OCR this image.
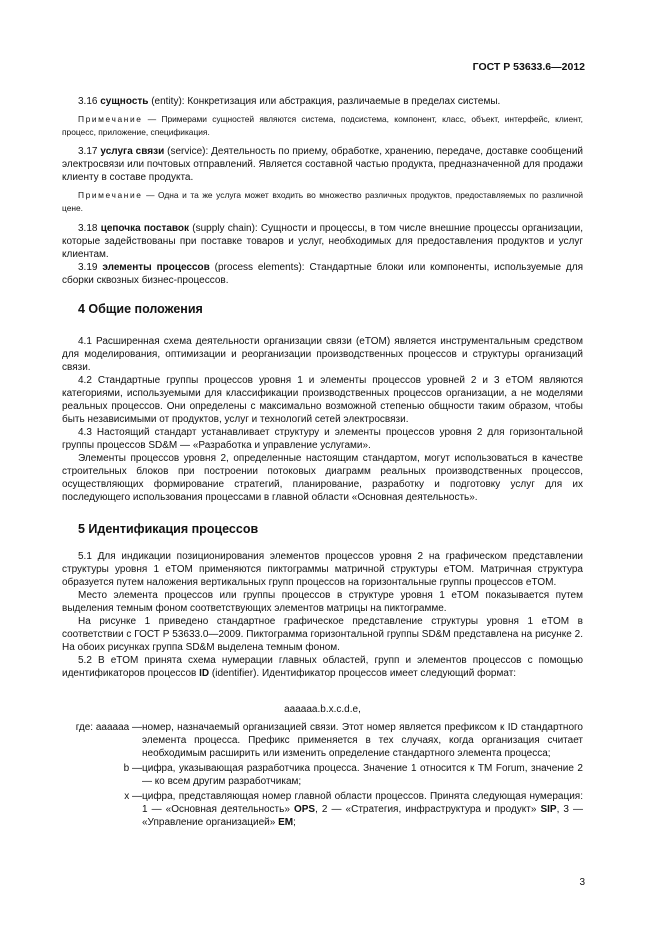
ГОСТ Р 53633.6—2012

3.16 сущность (entity): Конкретизация или абстракция, различаемые в пределах системы.

Примечание — Примерами сущностей являются система, подсистема, компонент, класс, объект, интерфейс, клиент, процесс, приложение, спецификация.

3.17 услуга связи (service): Деятельность по приему, обработке, хранению, передаче, доставке сообщений электросвязи или почтовых отправлений. Является составной частью продукта, предназначенной для продажи клиенту в составе продукта.

Примечание — Одна и та же услуга может входить во множество различных продуктов, предоставляемых по различной цене.

3.18 цепочка поставок (supply chain): Сущности и процессы, в том числе внешние процессы организации, которые задействованы при поставке товаров и услуг, необходимых для предоставления продуктов и услуг клиентам.

3.19 элементы процессов (process elements): Стандартные блоки или компоненты, используемые для сборки сквозных бизнес-процессов.

4 Общие положения

4.1 Расширенная схема деятельности организации связи (eTOM) является инструментальным средством для моделирования, оптимизации и реорганизации производственных процессов и структуры организаций связи.

4.2 Стандартные группы процессов уровня 1 и элементы процессов уровней 2 и 3 eTOM являются категориями, используемыми для классификации производственных процессов организации, а не моделями реальных процессов. Они определены с максимально возможной степенью общности таким образом, чтобы быть независимыми от продуктов, услуг и технологий сетей электросвязи.

4.3 Настоящий стандарт устанавливает структуру и элементы процессов уровня 2 для горизонтальной группы процессов SD&M — «Разработка и управление услугами».

Элементы процессов уровня 2, определенные настоящим стандартом, могут использоваться в качестве строительных блоков при построении потоковых диаграмм реальных производственных процессов, осуществляющих формирование стратегий, планирование, разработку и подготовку услуг для их последующего использования процессами в главной области «Основная деятельность».

5 Идентификация процессов

5.1 Для индикации позиционирования элементов процессов уровня 2 на графическом представлении структуры уровня 1 eTOM применяются пиктограммы матричной структуры eTOM. Матричная структура образуется путем наложения вертикальных групп процессов на горизонтальные группы процессов eTOM.

Место элемента процессов или группы процессов в структуре уровня 1 eTOM показывается путем выделения темным фоном соответствующих элементов матрицы на пиктограмме.

На рисунке 1 приведено стандартное графическое представление структуры уровня 1 eTOM в соответствии с ГОСТ Р 53633.0—2009. Пиктограмма горизонтальной группы SD&M представлена на рисунке 2. На обоих рисунках группа SD&M выделена темным фоном.

5.2 В eTOM принята схема нумерации главных областей, групп и элементов процессов с помощью идентификаторов процессов ID (identifier). Идентификатор процессов имеет следующий формат:

aaaaaa.b.x.c.d.e,
где: aaaaaa — номер, назначаемый организацией связи. Этот номер является префиксом к ID стандартного элемента процесса. Префикс применяется в тех случаях, когда организация считает необходимым расширить или изменить определение стандартного элемента процесса;
b — цифра, указывающая разработчика процесса. Значение 1 относится к TM Forum, значение 2 — ко всем другим разработчикам;
x — цифра, представляющая номер главной области процессов. Принята следующая нумерация: 1 — «Основная деятельность» OPS, 2 — «Стратегия, инфраструктура и продукт» SIP, 3 — «Управление организацией» EM;
3
